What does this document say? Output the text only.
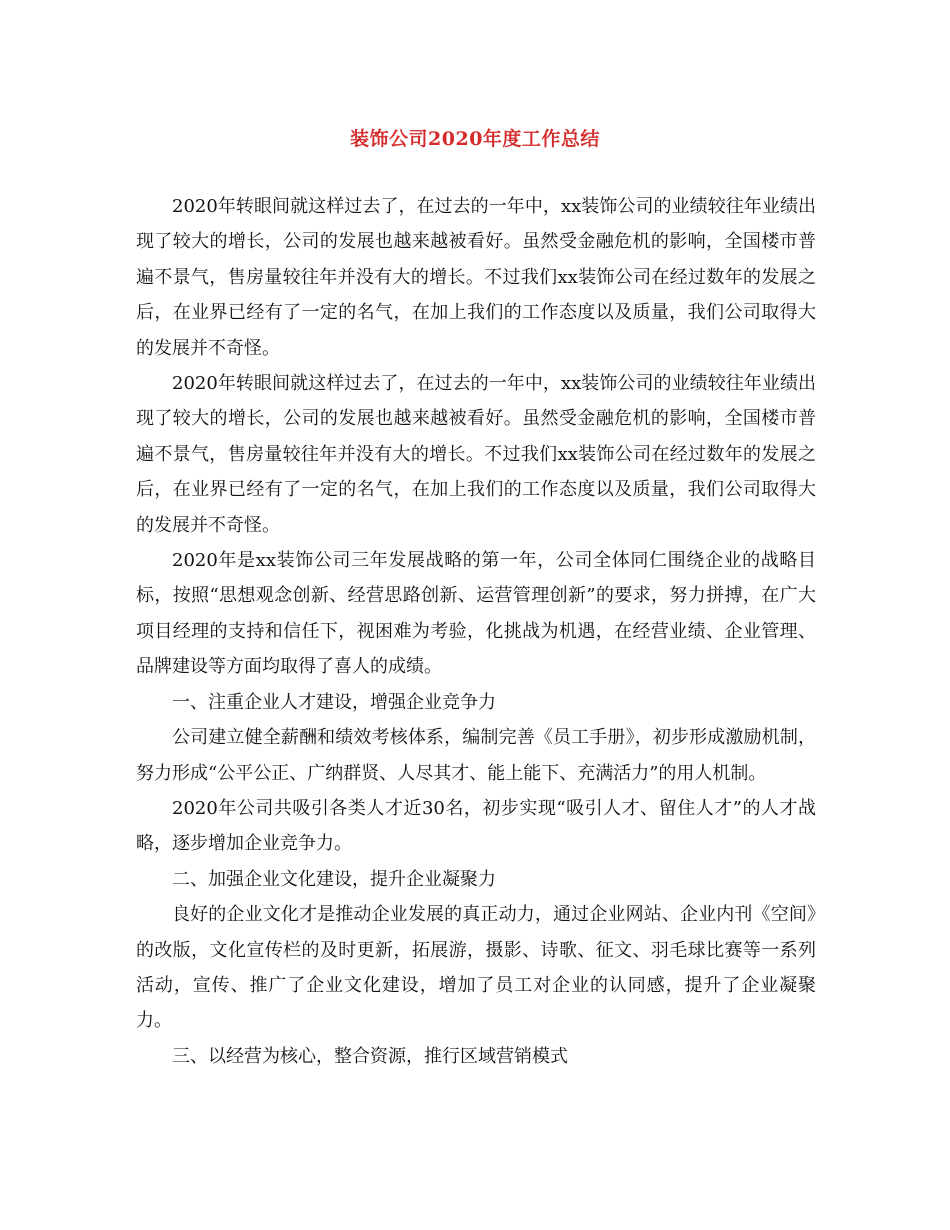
装饰公司2020年度工作总结

2020年转眼间就这样过去了，在过去的一年中，xx装饰公司的业绩较往年业绩出现了较大的增长，公司的发展也越来越被看好。虽然受金融危机的影响，全国楼市普遍不景气，售房量较往年并没有大的增长。不过我们xx装饰公司在经过数年的发展之后，在业界已经有了一定的名气，在加上我们的工作态度以及质量，我们公司取得大的发展并不奇怪。

2020年转眼间就这样过去了，在过去的一年中，xx装饰公司的业绩较往年业绩出现了较大的增长，公司的发展也越来越被看好。虽然受金融危机的影响，全国楼市普遍不景气，售房量较往年并没有大的增长。不过我们xx装饰公司在经过数年的发展之后，在业界已经有了一定的名气，在加上我们的工作态度以及质量，我们公司取得大的发展并不奇怪。

2020年是xx装饰公司三年发展战略的第一年，公司全体同仁围绕企业的战略目标，按照“思想观念创新、经营思路创新、运营管理创新”的要求，努力拼搏，在广大项目经理的支持和信任下，视困难为考验，化挑战为机遇，在经营业绩、企业管理、品牌建设等方面均取得了喜人的成绩。

一、注重企业人才建设，增强企业竞争力

公司建立健全薪酬和绩效考核体系，编制完善《员工手册》，初步形成激励机制，努力形成“公平公正、广纳群贤、人尽其才、能上能下、充满活力”的用人机制。

2020年公司共吸引各类人才近30名，初步实现“吸引人才、留住人才”的人才战略，逐步增加企业竞争力。

二、加强企业文化建设，提升企业凝聚力

良好的企业文化才是推动企业发展的真正动力，通过企业网站、企业内刊《空间》的改版，文化宣传栏的及时更新，拓展游，摄影、诗歌、征文、羽毛球比赛等一系列活动，宣传、推广了企业文化建设，增加了员工对企业的认同感，提升了企业凝聚力。

三、以经营为核心，整合资源，推行区域营销模式
